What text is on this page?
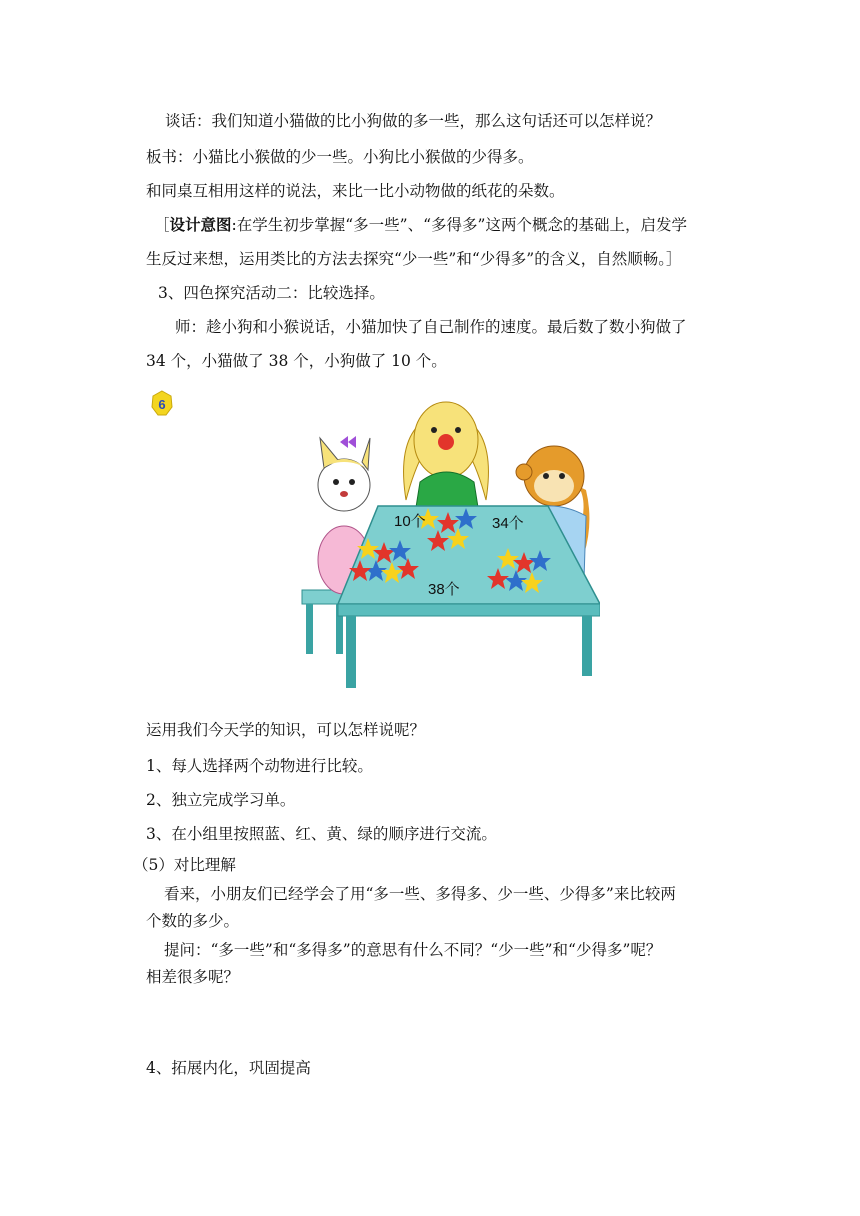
谈话：我们知道小猫做的比小狗做的多一些，那么这句话还可以怎样说？
板书：小猫比小猴做的少一些。小狗比小猴做的少得多。
和同桌互相用这样的说法，来比一比小动物做的纸花的朵数。
［设计意图:在学生初步掌握“多一些”、“多得多”这两个概念的基础上，启发学
生反过来想，运用类比的方法去探究“少一些”和“少得多”的含义，自然顺畅。］
3、四色探究活动二：比较选择。
师：趁小狗和小猴说话，小猫加快了自己制作的速度。最后数了数小狗做了
34 个，小猫做了 38 个，小狗做了 10 个。
6
10个	34个
38个
运用我们今天学的知识，可以怎样说呢？
1、每人选择两个动物进行比较。
2、独立完成学习单。
3、在小组里按照蓝、红、黄、绿的顺序进行交流。
（5）对比理解
看来，小朋友们已经学会了用“多一些、多得多、少一些、少得多”来比较两
个数的多少。
提问：“多一些”和“多得多”的意思有什么不同？“少一些”和“少得多”呢？
相差很多呢？
4、拓展内化，巩固提高
